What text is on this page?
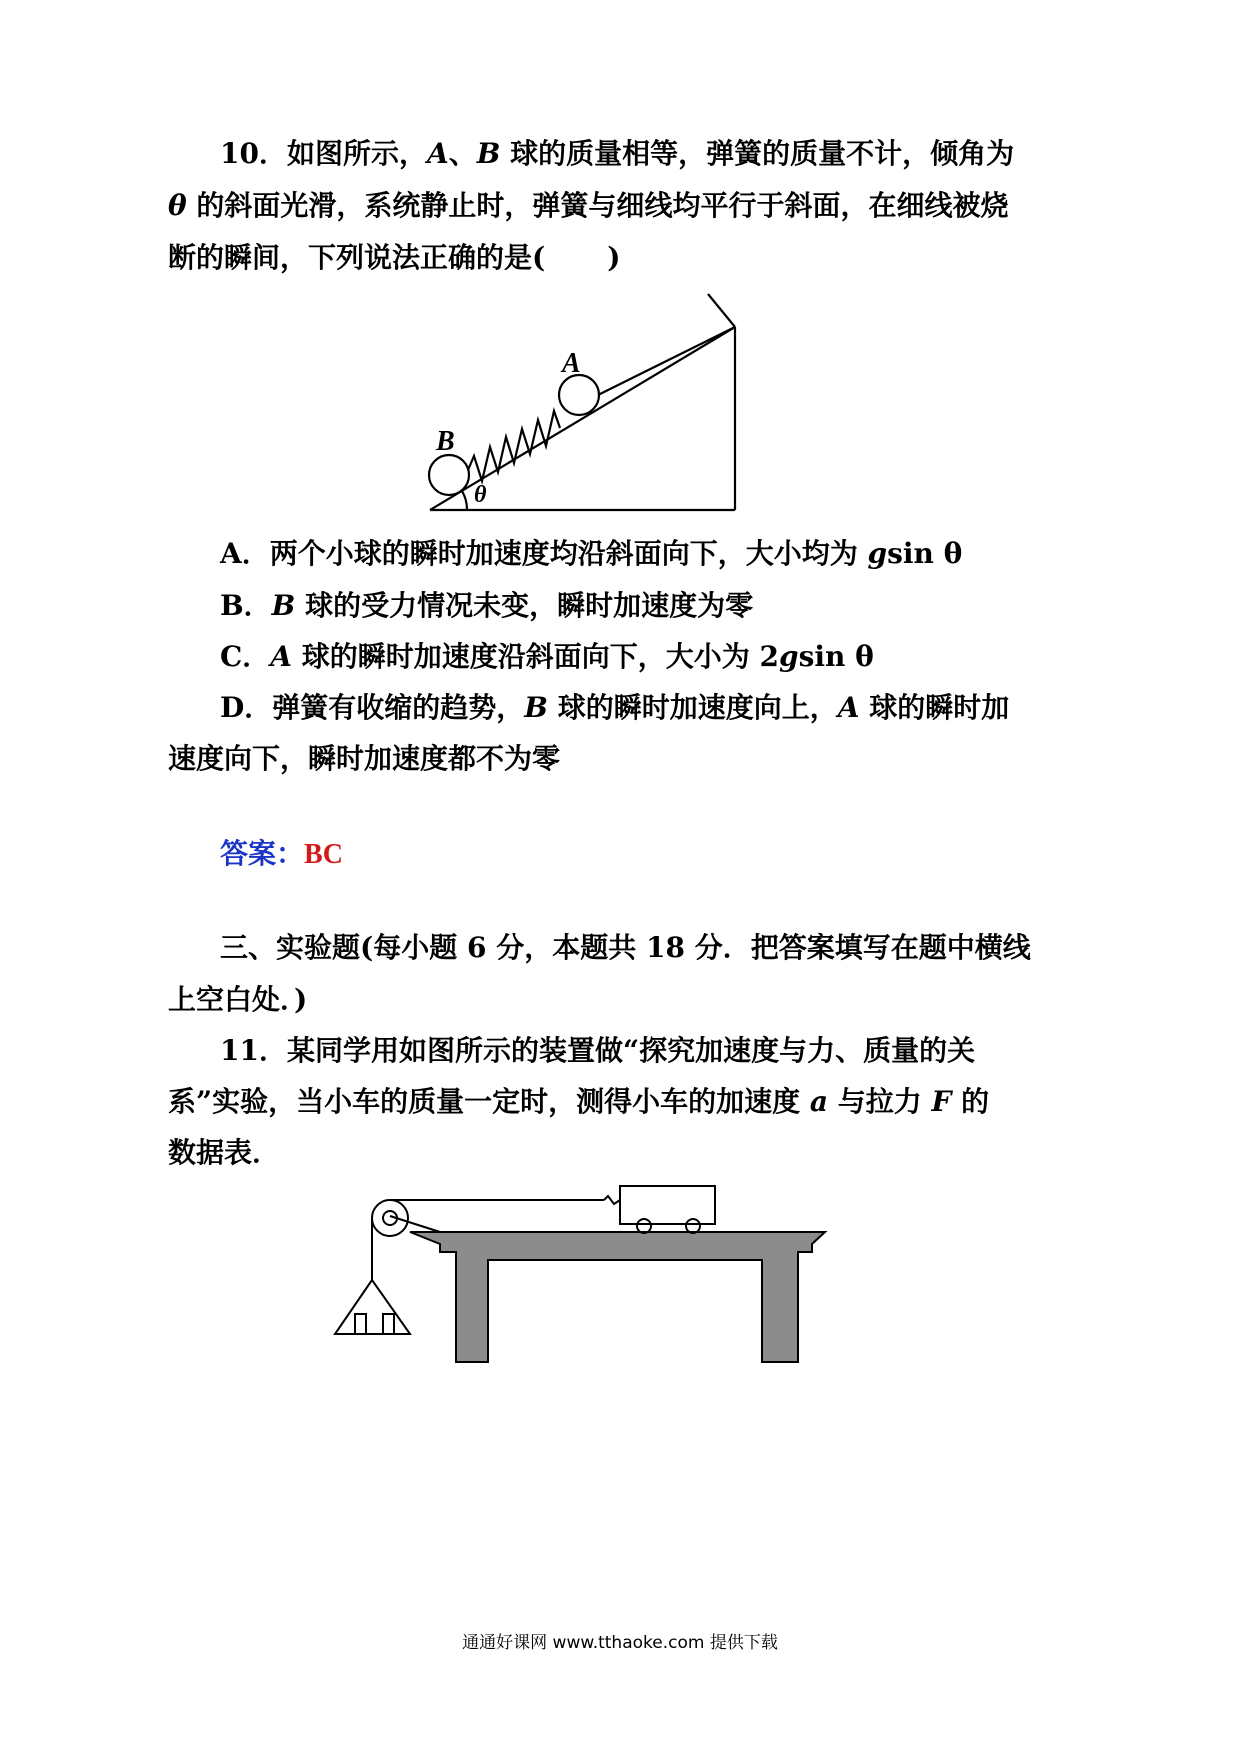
10．如图所示，A、B 球的质量相等，弹簧的质量不计，倾角为
θ 的斜面光滑，系统静止时，弹簧与细线均平行于斜面，在细线被烧
断的瞬间，下列说法正确的是( )
A
B
θ
A．两个小球的瞬时加速度均沿斜面向下，大小均为 gsin θ
B．B 球的受力情况未变，瞬时加速度为零
C．A 球的瞬时加速度沿斜面向下，大小为 2gsin θ
D．弹簧有收缩的趋势，B 球的瞬时加速度向上，A 球的瞬时加
速度向下，瞬时加速度都不为零
答案：BC
三、实验题(每小题 6 分，本题共 18 分．把答案填写在题中横线
上空白处．)
11．某同学用如图所示的装置做“探究加速度与力、质量的关
系”实验，当小车的质量一定时，测得小车的加速度 a 与拉力 F 的
数据表．
通通好课网 www.tthaoke.com 提供下载
